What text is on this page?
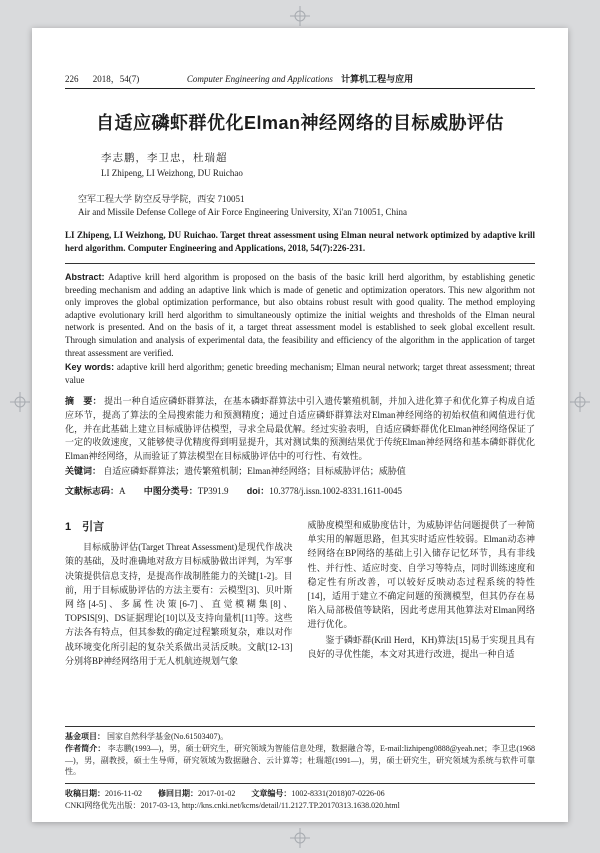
226 2018，54(7)	Computer Engineering and Applications 计算机工程与应用
自适应磷虾群优化Elman神经网络的目标威胁评估
李志鹏，李卫忠，杜瑞超
LI Zhipeng, LI Weizhong, DU Ruichao
空军工程大学 防空反导学院，西安 710051
Air and Missile Defense College of Air Force Engineering University, Xi'an 710051, China

LI Zhipeng, LI Weizhong, DU Ruichao. Target threat assessment using Elman neural network optimized by adaptive krill herd algorithm. Computer Engineering and Applications, 2018, 54(7):226-231.

Abstract: Adaptive krill herd algorithm is proposed on the basis of the basic krill herd algorithm, by establishing genetic breeding mechanism and adding an adaptive link which is made of genetic and optimization operators. This new algorithm not only improves the global optimization performance, but also obtains robust result with good quality. The method employing adaptive evolutionary krill herd algorithm to simultaneously optimize the initial weights and thresholds of the Elman neural network is presented. And on the basis of it, a target threat assessment model is established to seek global excellent result. Through simulation and analysis of experimental data, the feasibility and efficiency of the algorithm in the application of target threat assessment are verified.

Key words: adaptive krill herd algorithm; genetic breeding mechanism; Elman neural network; target threat assessment; threat value

摘　要： 提出一种自适应磷虾群算法，在基本磷虾群算法中引入遗传繁殖机制，并加入进化算子和优化算子构成自适应环节，提高了算法的全局搜索能力和预测精度；通过自适应磷虾群算法对Elman神经网络的初始权值和阈值进行优化，并在此基础上建立目标威胁评估模型，寻求全局最优解。经过实验表明，自适应磷虾群优化Elman神经网络保证了一定的收敛速度，又能够使寻优精度得到明显提升，其对测试集的预测结果优于传统Elman神经网络和基本磷虾群优化Elman神经网络，从而验证了算法模型在目标威胁评估中的可行性、有效性。

关键词： 自适应磷虾群算法；遗传繁殖机制；Elman神经网络；目标威胁评估；威胁值

文献标志码：A 中图分类号：TP391.9 doi：10.3778/j.issn.1002-8331.1611-0045

1　引言

目标威胁评估(Target Threat Assessment)是现代作战决策的基础，及时准确地对敌方目标威胁做出评判，为军事决策提供信息支持，是提高作战制胜能力的关键[1-2]。目前，用于目标威胁评估的方法主要有：云模型[3]、贝叶斯网络[4-5]、多属性决策[6-7]、直觉模糊集[8]、TOPSIS[9]、DS证据理论[10]以及支持向量机[11]等。这些方法各有特点，但其参数的确定过程繁琐复杂，难以对作战环境变化所引起的复杂关系做出灵活反映。文献[12-13]分别将BP神经网络用于无人机航迹规划气象

威胁度模型和威胁度估计，为威胁评估问题提供了一种简单实用的解题思路，但其实时适应性较弱。Elman动态神经网络在BP网络的基础上引入储存记忆环节，具有非线性、并行性、适应时变、自学习等特点，同时训练速度和稳定性有所改善，可以较好反映动态过程系统的特性[14]，适用于建立不确定问题的预测模型，但其仍存在易陷入局部极值等缺陷，因此考虑用其他算法对Elman网络进行优化。

鉴于磷虾群(Krill Herd，KH)算法[15]易于实现且具有良好的寻优性能，本文对其进行改进，提出一种自适

基金项目： 国家自然科学基金(No.61503407)。

作者简介： 李志鹏(1993—)，男，硕士研究生，研究领域为智能信息处理，数据融合等，E-mail:lizhipeng0888@yeah.net；李卫忠(1968—)，男，副教授，硕士生导师，研究领域为数据融合、云计算等；杜瑞超(1991—)，男，硕士研究生，研究领域为系统与软件可靠性。

收稿日期：2016-11-02 修回日期：2017-01-02 文章编号：1002-8331(2018)07-0226-06

CNKI网络优先出版：2017-03-13, http://kns.cnki.net/kcms/detail/11.2127.TP.20170313.1638.020.html
